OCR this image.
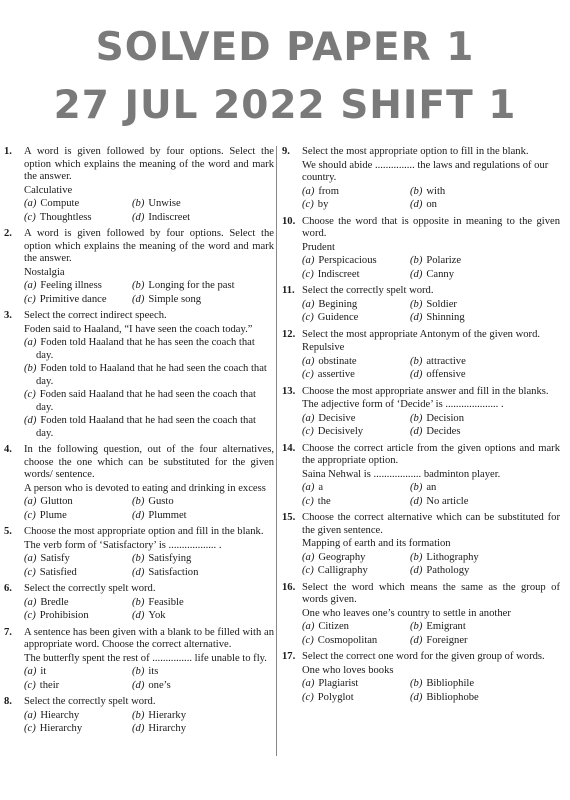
SOLVED PAPER 1
27 JUL 2022 SHIFT 1
1. A word is given followed by four options. Select the option which explains the meaning of the word and mark the answer.
Calculative
(a) Compute	(b) Unwise
(c) Thoughtless	(d) Indiscreet
2. A word is given followed by four options. Select the option which explains the meaning of the word and mark the answer.
Nostalgia
(a) Feeling illness	(b) Longing for the past
(c) Primitive dance	(d) Simple song
3. Select the correct indirect speech.
Foden said to Haaland, “I have seen the coach today.”
(a) Foden told Haaland that he has seen the coach that day.
(b) Foden told to Haaland that he had seen the coach that day.
(c) Foden said Haaland that he had seen the coach that day.
(d) Foden told Haaland that he had seen the coach that day.
4. In the following question, out of the four alternatives, choose the one which can be substituted for the given words/ sentence.
A person who is devoted to eating and drinking in excess
(a) Glutton	(b) Gusto
(c) Plume	(d) Plummet
5. Choose the most appropriate option and fill in the blank.
The verb form of ‘Satisfactory’ is .................. .
(a) Satisfy	(b) Satisfying
(c) Satisfied	(d) Satisfaction
6. Select the correctly spelt word.
(a) Bredle	(b) Feasible
(c) Prohibision	(d) Yok
7. A sentence has been given with a blank to be filled with an appropriate word. Choose the correct alternative.
The butterfly spent the rest of ............... life unable to fly.
(a) it	(b) its
(c) their	(d) one’s
8. Select the correctly spelt word.
(a) Hiearchy	(b) Hierarky
(c) Hierarchy	(d) Hirarchy
9. Select the most appropriate option to fill in the blank.
We should abide ............... the laws and regulations of our country.
(a) from	(b) with
(c) by	(d) on
10. Choose the word that is opposite in meaning to the given word.
Prudent
(a) Perspicacious	(b) Polarize
(c) Indiscreet	(d) Canny
11. Select the correctly spelt word.
(a) Begining	(b) Soldier
(c) Guidence	(d) Shinning
12. Select the most appropriate Antonym of the given word.
Repulsive
(a) obstinate	(b) attractive
(c) assertive	(d) offensive
13. Choose the most appropriate answer and fill in the blanks.
The adjective form of ‘Decide’ is .................... .
(a) Decisive	(b) Decision
(c) Decisively	(d) Decides
14. Choose the correct article from the given options and mark the appropriate option.
Saina Nehwal is .................. badminton player.
(a) a	(b) an
(c) the	(d) No article
15. Choose the correct alternative which can be substituted for the given sentence.
Mapping of earth and its formation
(a) Geography	(b) Lithography
(c) Calligraphy	(d) Pathology
16. Select the word which means the same as the group of words given.
One who leaves one’s country to settle in another
(a) Citizen	(b) Emigrant
(c) Cosmopolitan	(d) Foreigner
17. Select the correct one word for the given group of words.
One who loves books
(a) Plagiarist	(b) Bibliophile
(c) Polyglot	(d) Bibliophobe
